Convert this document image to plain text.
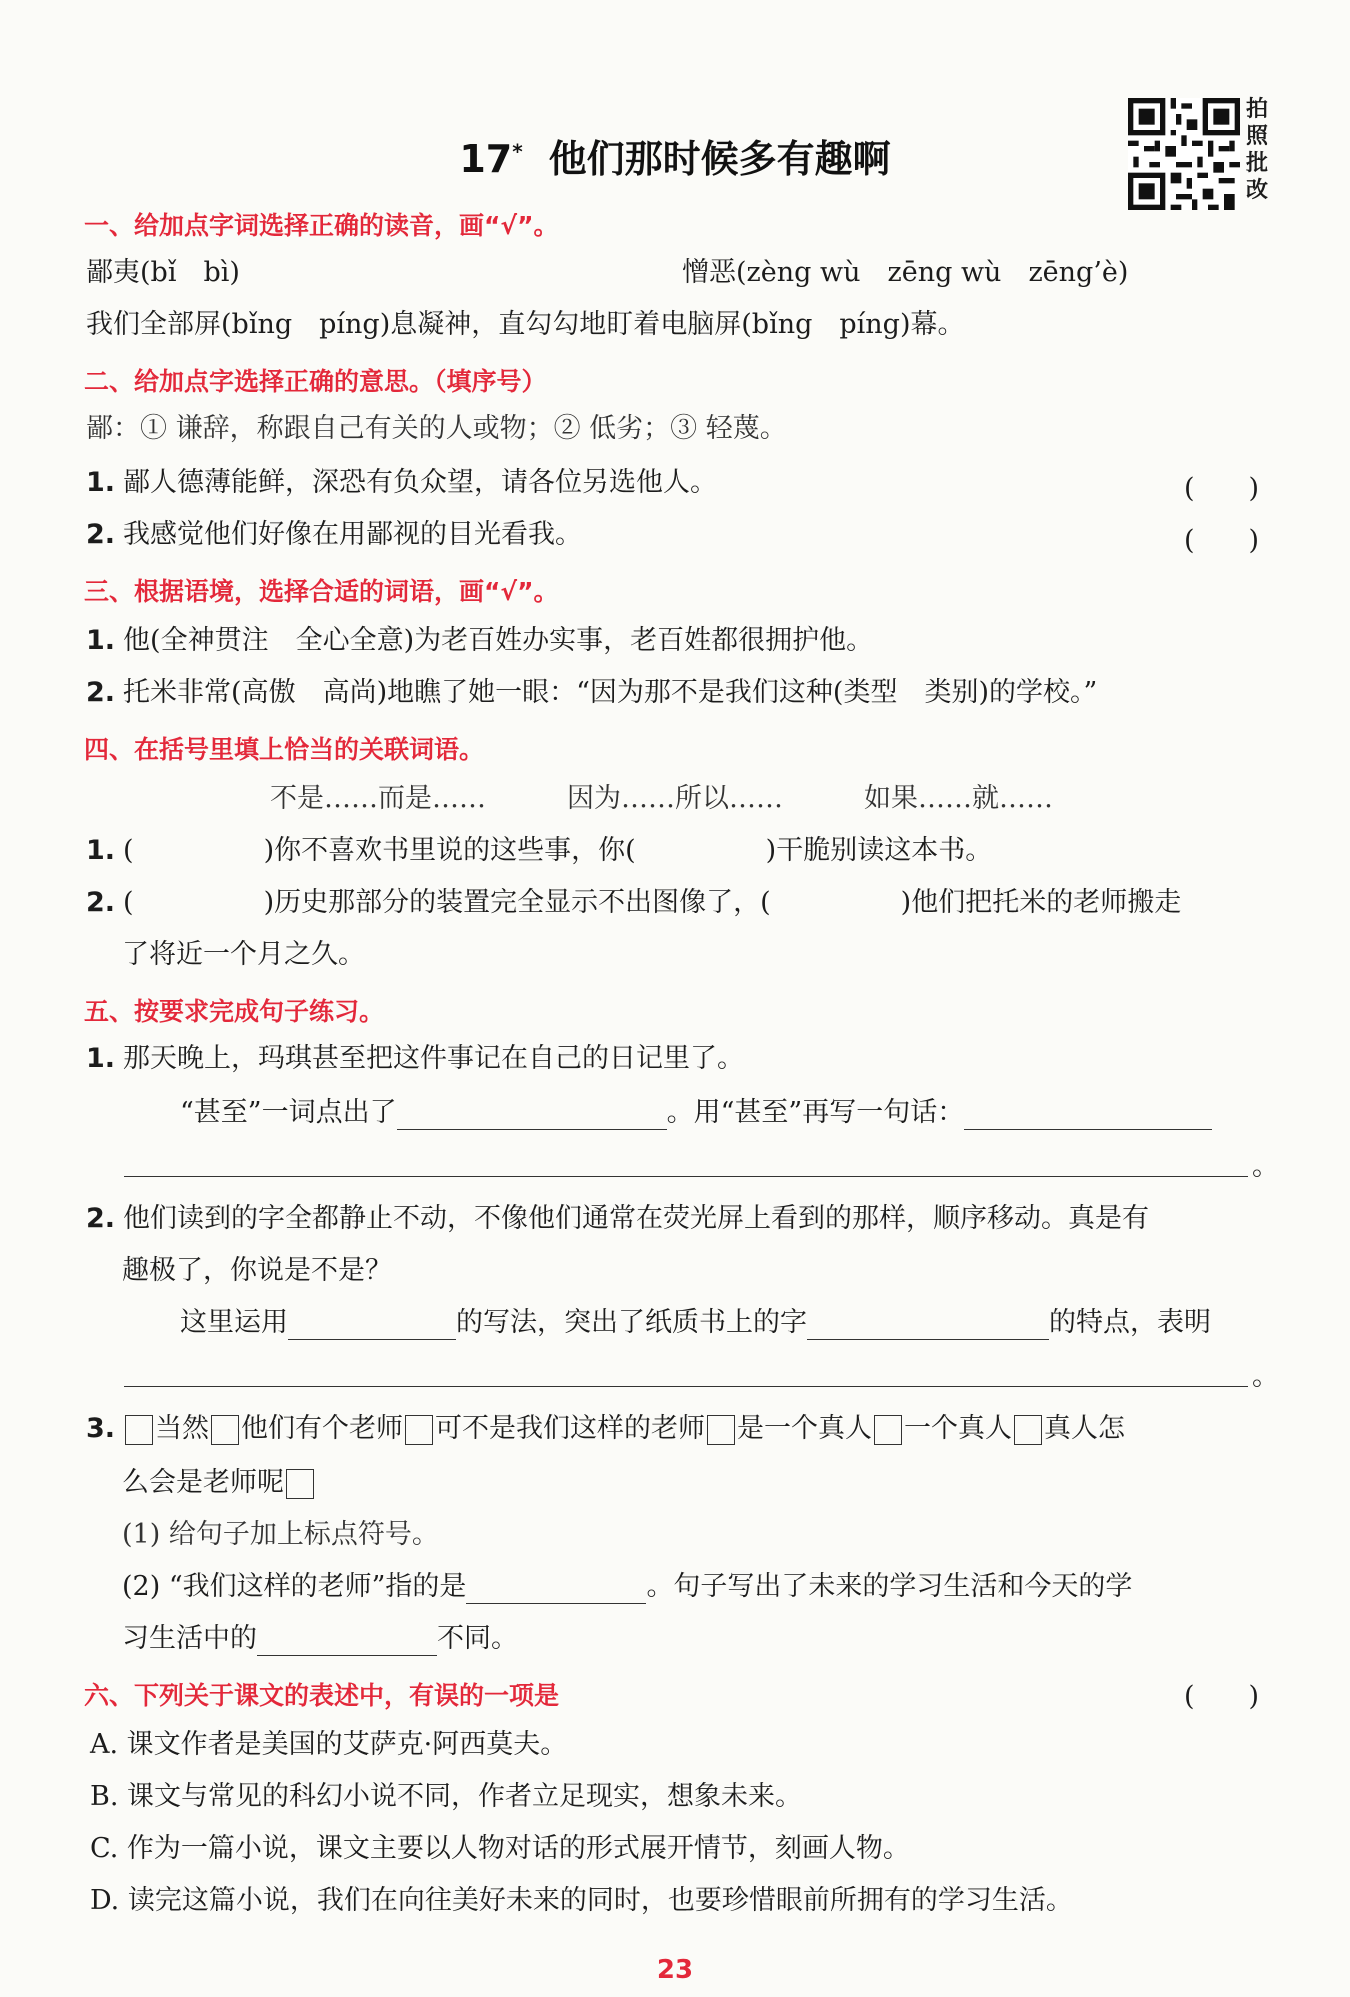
17* 他们那时候多有趣啊
拍
照
批
改
一、给加点字词选择正确的读音，画“√”。
鄙夷(bǐ　bì)	憎恶(zèng wù　zēng wù　zēng’è)
我们全部屏(bǐng　píng)息凝神，直勾勾地盯着电脑屏(bǐng　píng)幕。
二、给加点字选择正确的意思。（填序号）
鄙：① 谦辞，称跟自己有关的人或物；② 低劣；③ 轻蔑。
1. 鄙人德薄能鲜，深恐有负众望，请各位另选他人。	(　　)
2. 我感觉他们好像在用鄙视的目光看我。	(　　)
三、根据语境，选择合适的词语，画“√”。
1. 他(全神贯注　全心全意)为老百姓办实事，老百姓都很拥护他。
2. 托米非常(高傲　高尚)地瞧了她一眼：“因为那不是我们这种(类型　类别)的学校。”
四、在括号里填上恰当的关联词语。
不是……而是……　　　因为……所以……　　　如果……就……
1. (	)你不喜欢书里说的这些事，你(	)干脆别读这本书。
2. (	)历史那部分的装置完全显示不出图像了，(	)他们把托米的老师搬走
了将近一个月之久。
五、按要求完成句子练习。
1. 那天晚上，玛琪甚至把这件事记在自己的日记里了。
“甚至”一词点出了	。用“甚至”再写一句话：
。
2. 他们读到的字全都静止不动，不像他们通常在荧光屏上看到的那样，顺序移动。真是有
趣极了，你说是不是？
这里运用	的写法，突出了纸质书上的字	的特点，表明
。
3. 当然 他们有个老师 可不是我们这样的老师 是一个真人 一个真人 真人怎
么会是老师呢
(1) 给句子加上标点符号。
(2) “我们这样的老师”指的是	。句子写出了未来的学习生活和今天的学
习生活中的	不同。
六、下列关于课文的表述中，有误的一项是	(　　)
A. 课文作者是美国的艾萨克·阿西莫夫。
B. 课文与常见的科幻小说不同，作者立足现实，想象未来。
C. 作为一篇小说，课文主要以人物对话的形式展开情节，刻画人物。
D. 读完这篇小说，我们在向往美好未来的同时，也要珍惜眼前所拥有的学习生活。
23
